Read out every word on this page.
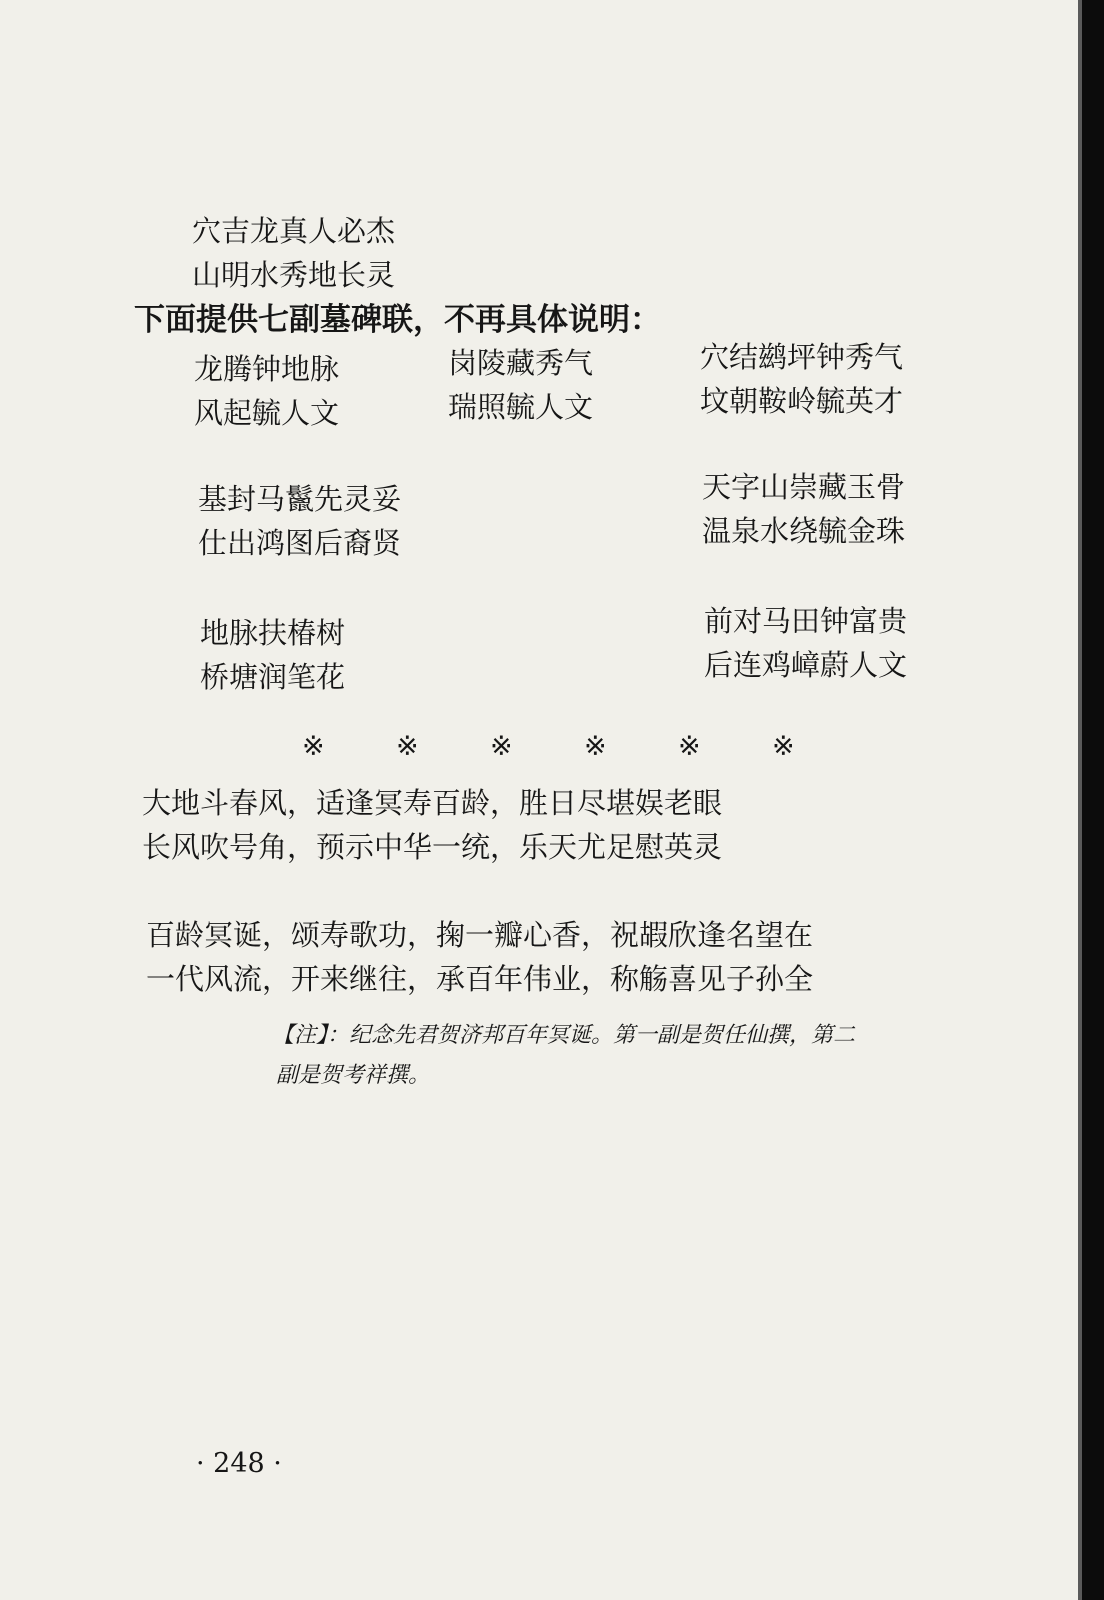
穴吉龙真人必杰
山明水秀地长灵
下面提供七副墓碑联，不再具体说明：
龙腾钟地脉
风起毓人文
岗陵藏秀气
瑞照毓人文
穴结鹚坪钟秀气
坟朝鞍岭毓英才
基封马鬣先灵妥
仕出鸿图后裔贤
天字山崇藏玉骨
温泉水绕毓金珠
地脉扶椿树
桥塘润笔花
前对马田钟富贵
后连鸡嶂蔚人文
※	※	※	※	※	※
大地斗春风，适逢冥寿百龄，胜日尽堪娱老眼
长风吹号角，预示中华一统，乐天尤足慰英灵
百龄冥诞，颂寿歌功，掬一瓣心香，祝嘏欣逢名望在
一代风流，开来继往，承百年伟业，称觞喜见子孙全
【注】：纪念先君贺济邦百年冥诞。第一副是贺任仙撰，第二
副是贺考祥撰。
· 248 ·
